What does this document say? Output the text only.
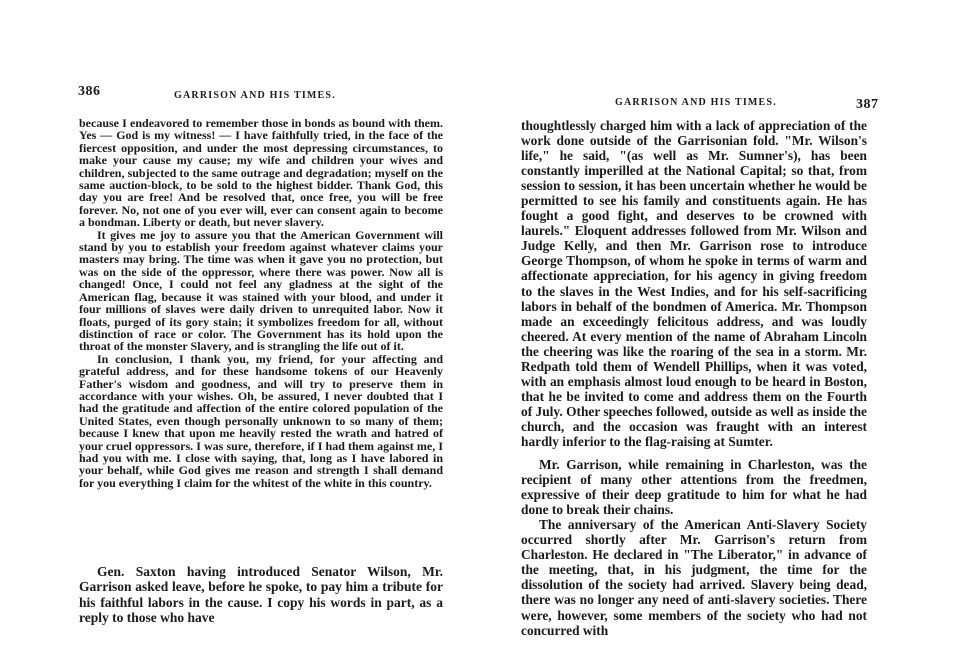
386	GARRISON AND HIS TIMES.

because I endeavored to remember those in bonds as bound with them. Yes — God is my witness! — I have faithfully tried, in the face of the fiercest opposition, and under the most depressing circumstances, to make your cause my cause; my wife and children your wives and children, subjected to the same outrage and degradation; myself on the same auction-block, to be sold to the highest bidder. Thank God, this day you are free! And be resolved that, once free, you will be free forever. No, not one of you ever will, ever can consent again to become a bondman. Liberty or death, but never slavery.

It gives me joy to assure you that the American Government will stand by you to establish your freedom against whatever claims your masters may bring. The time was when it gave you no protection, but was on the side of the oppressor, where there was power. Now all is changed! Once, I could not feel any gladness at the sight of the American flag, because it was stained with your blood, and under it four millions of slaves were daily driven to unrequited labor. Now it floats, purged of its gory stain; it symbolizes freedom for all, without distinction of race or color. The Government has its hold upon the throat of the monster Slavery, and is strangling the life out of it.

In conclusion, I thank you, my friend, for your affecting and grateful address, and for these handsome tokens of our Heavenly Father's wisdom and goodness, and will try to preserve them in accordance with your wishes. Oh, be assured, I never doubted that I had the gratitude and affection of the entire colored population of the United States, even though personally unknown to so many of them; because I knew that upon me heavily rested the wrath and hatred of your cruel oppressors. I was sure, therefore, if I had them against me, I had you with me. I close with saying, that, long as I have labored in your behalf, while God gives me reason and strength I shall demand for you everything I claim for the whitest of the white in this country.

Gen. Saxton having introduced Senator Wilson, Mr. Garrison asked leave, before he spoke, to pay him a tribute for his faithful labors in the cause. I copy his words in part, as a reply to those who have

GARRISON AND HIS TIMES.	387

thoughtlessly charged him with a lack of appreciation of the work done outside of the Garrisonian fold. "Mr. Wilson's life," he said, "(as well as Mr. Sumner's), has been constantly imperilled at the National Capital; so that, from session to session, it has been uncertain whether he would be permitted to see his family and constituents again. He has fought a good fight, and deserves to be crowned with laurels." Eloquent addresses followed from Mr. Wilson and Judge Kelly, and then Mr. Garrison rose to introduce George Thompson, of whom he spoke in terms of warm and affectionate appreciation, for his agency in giving freedom to the slaves in the West Indies, and for his self-sacrificing labors in behalf of the bondmen of America. Mr. Thompson made an exceedingly felicitous address, and was loudly cheered. At every mention of the name of Abraham Lincoln the cheering was like the roaring of the sea in a storm. Mr. Redpath told them of Wendell Phillips, when it was voted, with an emphasis almost loud enough to be heard in Boston, that he be invited to come and address them on the Fourth of July. Other speeches followed, outside as well as inside the church, and the occasion was fraught with an interest hardly inferior to the flag-raising at Sumter.

Mr. Garrison, while remaining in Charleston, was the recipient of many other attentions from the freedmen, expressive of their deep gratitude to him for what he had done to break their chains.

The anniversary of the American Anti-Slavery Society occurred shortly after Mr. Garrison's return from Charleston. He declared in "The Liberator," in advance of the meeting, that, in his judgment, the time for the dissolution of the society had arrived. Slavery being dead, there was no longer any need of anti-slavery societies. There were, however, some members of the society who had not concurred with
